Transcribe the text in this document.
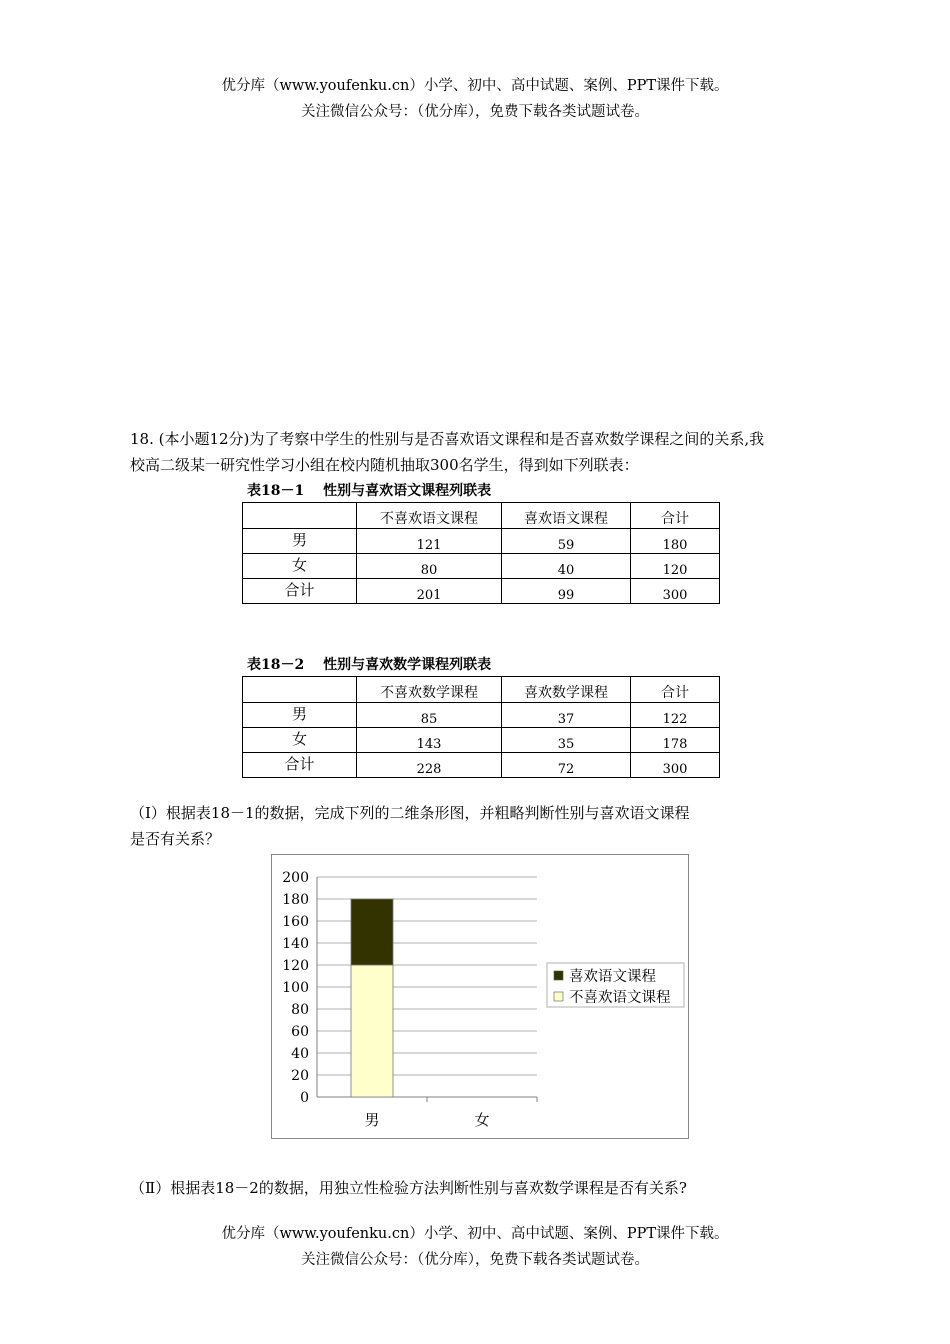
优分库（www.youfenku.cn）小学、初中、高中试题、案例、PPT课件下载。
关注微信公众号：（优分库），免费下载各类试题试卷。
18. (本小题12分)为了考察中学生的性别与是否喜欢语文课程和是否喜欢数学课程之间的关系,我
校高二级某一研究性学习小组在校内随机抽取300名学生，得到如下列联表：
表18－1　 性别与喜欢语文课程列联表
	不喜欢语文课程	喜欢语文课程	合计
男	121	59	180
女	80	40	120
合计	201	99	300
表18－2　 性别与喜欢数学课程列联表
	不喜欢数学课程	喜欢数学课程	合计
男	85	37	122
女	143	35	178
合计	228	72	300
（Ⅰ）根据表18－1的数据，完成下列的二维条形图，并粗略判断性别与喜欢语文课程
是否有关系？
0
20
40
60
80
100
120
140
160
180
200
男	女
喜欢语文课程
不喜欢语文课程
（Ⅱ）根据表18－2的数据，用独立性检验方法判断性别与喜欢数学课程是否有关系?
优分库（www.youfenku.cn）小学、初中、高中试题、案例、PPT课件下载。
关注微信公众号：（优分库），免费下载各类试题试卷。
